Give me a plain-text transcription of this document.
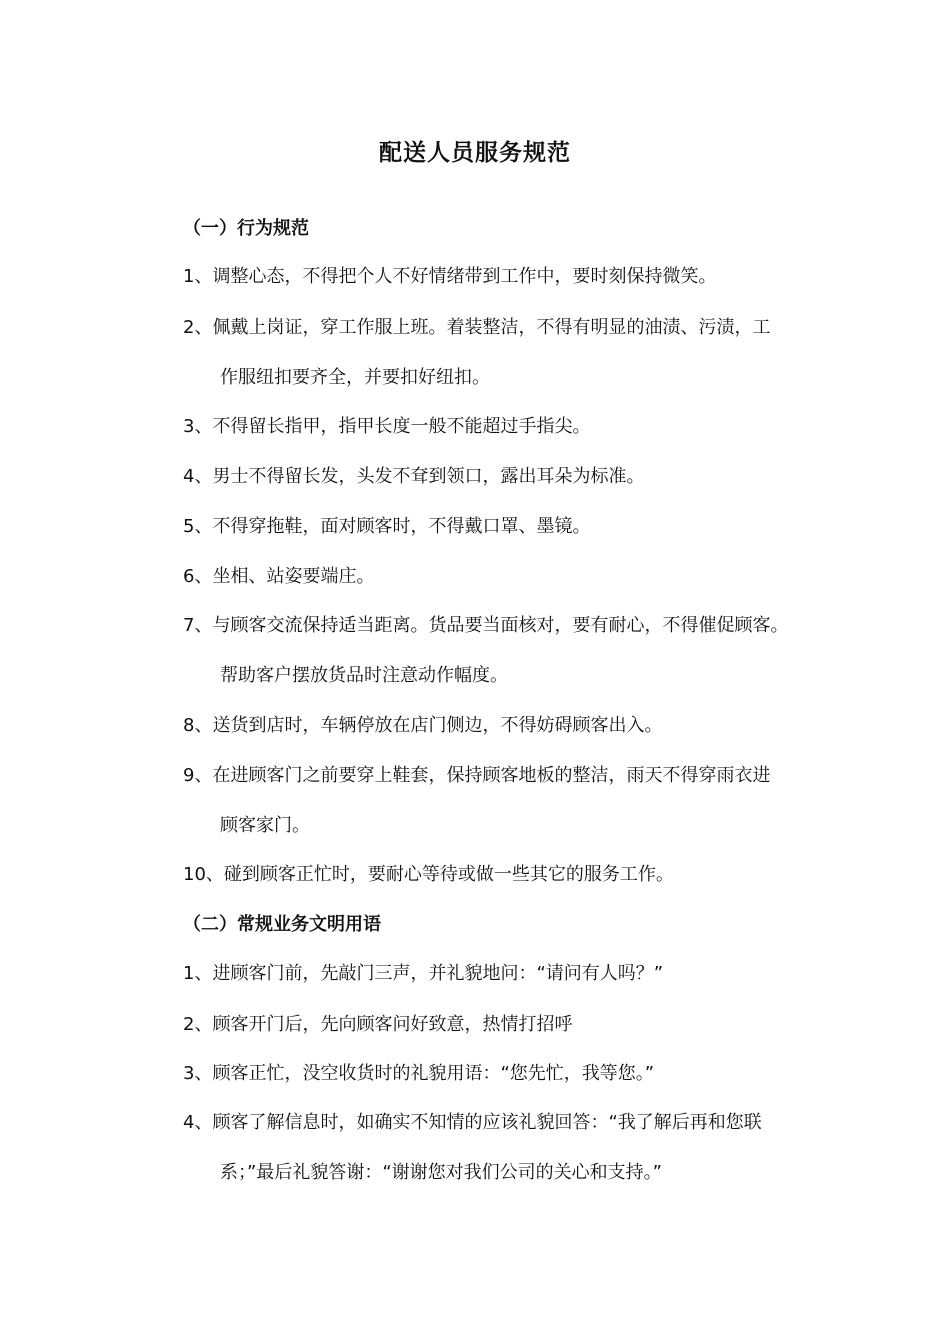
配送人员服务规范
（一）行为规范
1、调整心态，不得把个人不好情绪带到工作中，要时刻保持微笑。
2、佩戴上岗证，穿工作服上班。着装整洁，不得有明显的油渍、污渍，工
作服纽扣要齐全，并要扣好纽扣。
3、不得留长指甲，指甲长度一般不能超过手指尖。
4、男士不得留长发，头发不耷到领口，露出耳朵为标准。
5、不得穿拖鞋，面对顾客时，不得戴口罩、墨镜。
6、坐相、站姿要端庄。
7、与顾客交流保持适当距离。货品要当面核对，要有耐心，不得催促顾客。
帮助客户摆放货品时注意动作幅度。
8、送货到店时，车辆停放在店门侧边，不得妨碍顾客出入。
9、在进顾客门之前要穿上鞋套，保持顾客地板的整洁，雨天不得穿雨衣进
顾客家门。
10、碰到顾客正忙时，要耐心等待或做一些其它的服务工作。
（二）常规业务文明用语
1、进顾客门前，先敲门三声，并礼貌地问：“请问有人吗？”
2、顾客开门后，先向顾客问好致意，热情打招呼
3、顾客正忙，没空收货时的礼貌用语：“您先忙，我等您。”
4、顾客了解信息时，如确实不知情的应该礼貌回答：“我了解后再和您联
系；”最后礼貌答谢：“谢谢您对我们公司的关心和支持。”
